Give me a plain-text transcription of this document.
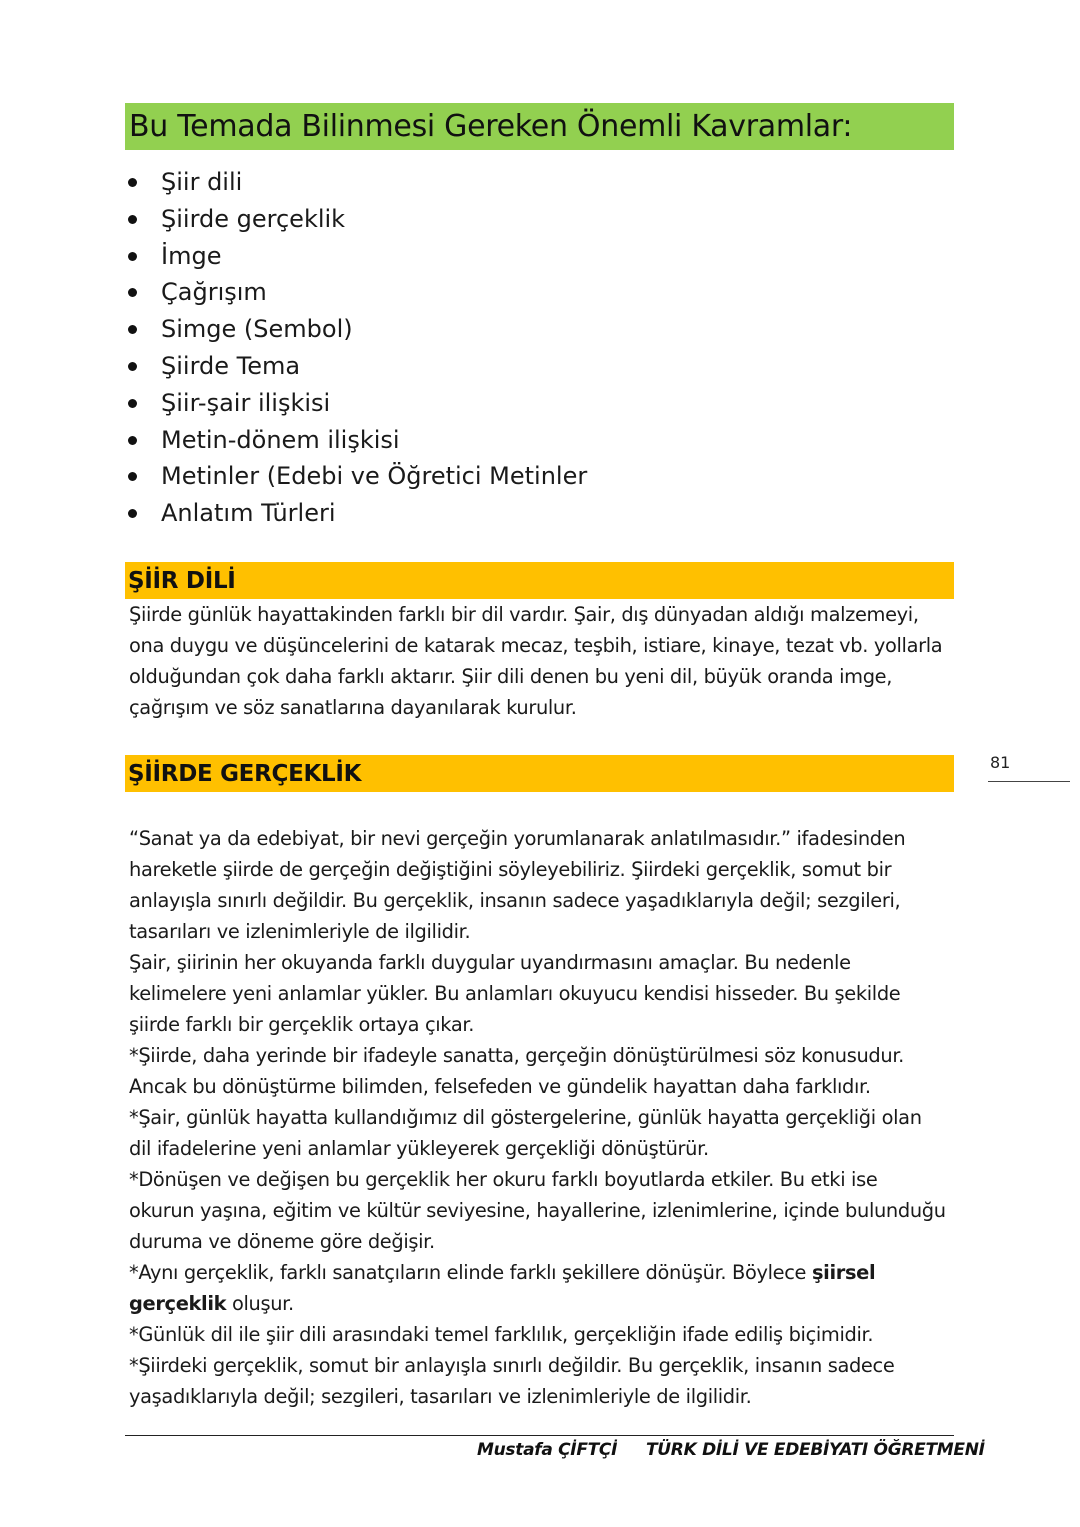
Bu Temada Bilinmesi Gereken Önemli Kavramlar:
Şiir dili
Şiirde gerçeklik
İmge
Çağrışım
Simge (Sembol)
Şiirde Tema
Şiir-şair ilişkisi
Metin-dönem ilişkisi
Metinler (Edebi ve Öğretici Metinler
Anlatım Türleri
ŞİİR DİLİ

Şiirde günlük hayattakinden farklı bir dil vardır. Şair, dış dünyadan aldığı malzemeyi,
ona duygu ve düşüncelerini de katarak mecaz, teşbih, istiare, kinaye, tezat vb. yollarla
olduğundan çok daha farklı aktarır. Şiir dili denen bu yeni dil, büyük oranda imge,
çağrışım ve söz sanatlarına dayanılarak kurulur.

ŞİİRDE GERÇEKLİK	81

“Sanat ya da edebiyat, bir nevi gerçeğin yorumlanarak anlatılmasıdır.” ifadesinden
hareketle şiirde de gerçeğin değiştiğini söyleyebiliriz. Şiirdeki gerçeklik, somut bir
anlayışla sınırlı değildir. Bu gerçeklik, insanın sadece yaşadıklarıyla değil; sezgileri,
tasarıları ve izlenimleriyle de ilgilidir.
Şair, şiirinin her okuyanda farklı duygular uyandırmasını amaçlar. Bu nedenle
kelimelere yeni anlamlar yükler. Bu anlamları okuyucu kendisi hisseder. Bu şekilde
şiirde farklı bir gerçeklik ortaya çıkar.
*Şiirde, daha yerinde bir ifadeyle sanatta, gerçeğin dönüştürülmesi söz konusudur.
Ancak bu dönüştürme bilimden, felsefeden ve gündelik hayattan daha farklıdır.
*Şair, günlük hayatta kullandığımız dil göstergelerine, günlük hayatta gerçekliği olan
dil ifadelerine yeni anlamlar yükleyerek gerçekliği dönüştürür.
*Dönüşen ve değişen bu gerçeklik her okuru farklı boyutlarda etkiler. Bu etki ise
okurun yaşına, eğitim ve kültür seviyesine, hayallerine, izlenimlerine, içinde bulunduğu
duruma ve döneme göre değişir.
*Aynı gerçeklik, farklı sanatçıların elinde farklı şekillere dönüşür. Böylece şiirsel
gerçeklik oluşur.
*Günlük dil ile şiir dili arasındaki temel farklılık, gerçekliğin ifade ediliş biçimidir.
*Şiirdeki gerçeklik, somut bir anlayışla sınırlı değildir. Bu gerçeklik, insanın sadece
yaşadıklarıyla değil; sezgileri, tasarıları ve izlenimleriyle de ilgilidir.

Mustafa ÇİFTÇİ TÜRK DİLİ VE EDEBİYATI ÖĞRETMENİ
